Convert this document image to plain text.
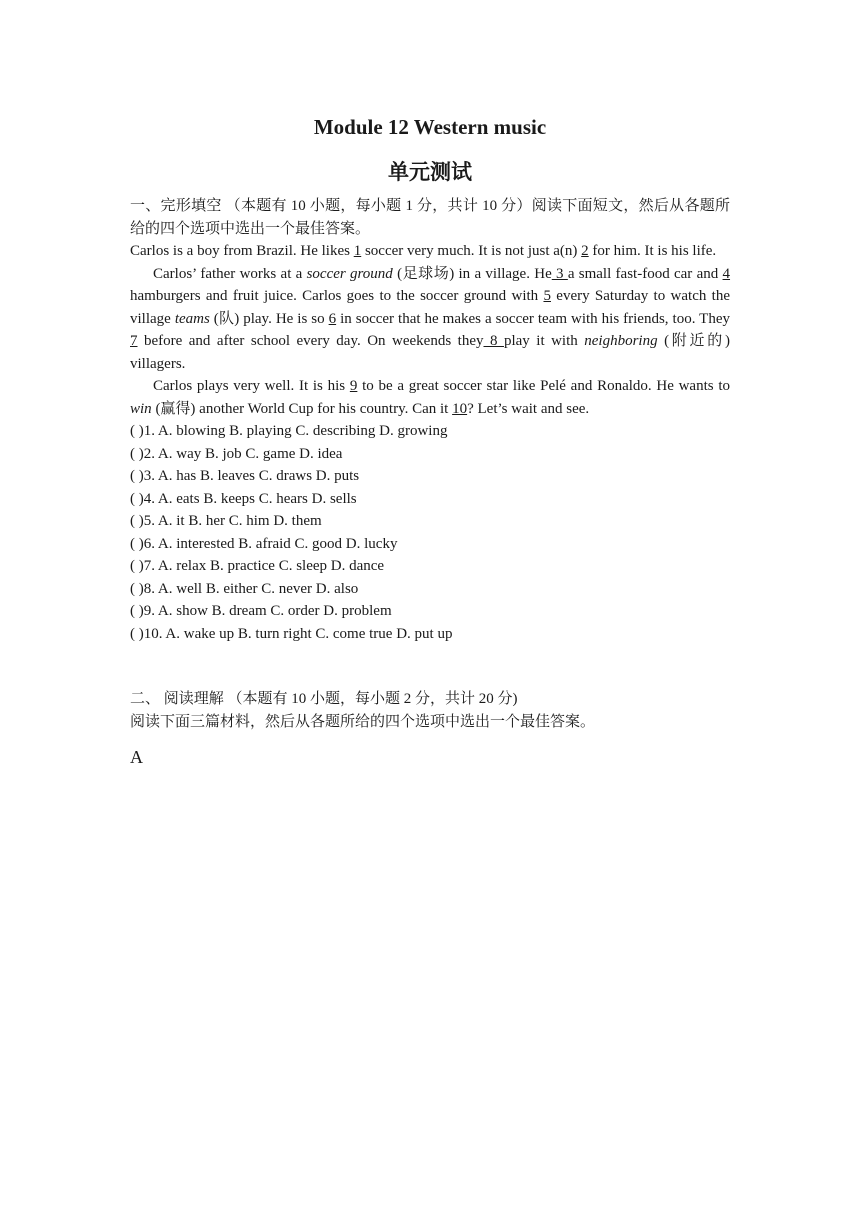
Module 12 Western music
单元测试

一、完形填空 （本题有 10 小题，每小题 1 分，共计 10 分）阅读下面短文，然后从各题所给的四个选项中选出一个最佳答案。

Carlos is a boy from Brazil. He likes 1 soccer very much. It is not just a(n) 2 for him. It is his life.

Carlos’ father works at a soccer ground (足球场) in a village. He 3 a small fast-food car and 4 hamburgers and fruit juice. Carlos goes to the soccer ground with 5 every Saturday to watch the village teams (队) play. He is so 6 in soccer that he makes a soccer team with his friends, too. They 7 before and after school every day. On weekends they 8 play it with neighboring (附近的) villagers.

Carlos plays very well. It is his 9 to be a great soccer star like Pelé and Ronaldo. He wants to win (赢得) another World Cup for his country. Can it 10? Let’s wait and see.

( )1. A. blowing B. playing C. describing D. growing

( )2. A. way B. job C. game D. idea

( )3. A. has B. leaves C. draws D. puts

( )4. A. eats B. keeps C. hears D. sells

( )5. A. it B. her C. him D. them

( )6. A. interested B. afraid C. good D. lucky

( )7. A. relax B. practice C. sleep D. dance

( )8. A. well B. either C. never D. also

( )9. A. show B. dream C. order D. problem

( )10. A. wake up B. turn right C. come true D. put up

二、 阅读理解 （本题有 10 小题，每小题 2 分，共计 20 分)

阅读下面三篇材料，然后从各题所给的四个选项中选出一个最佳答案。

A
